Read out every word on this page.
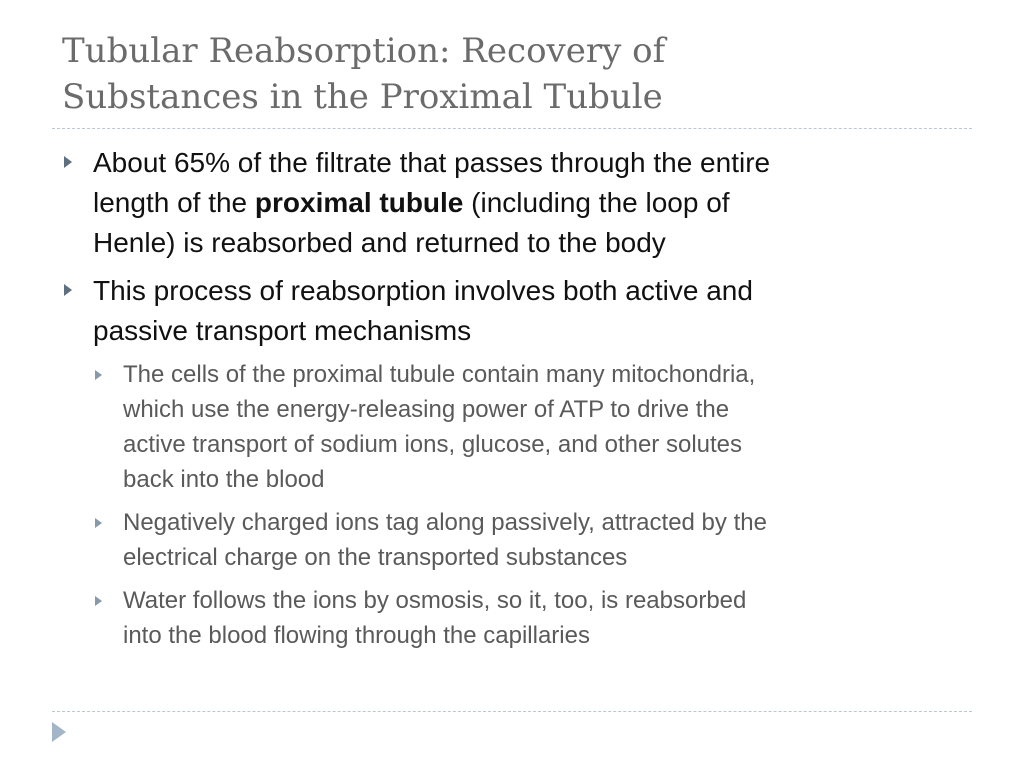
Tubular Reabsorption: Recovery of
Substances in the Proximal Tubule
About 65% of the filtrate that passes through the entire
length of the proximal tubule (including the loop of
Henle) is reabsorbed and returned to the body
This process of reabsorption involves both active and
passive transport mechanisms
The cells of the proximal tubule contain many mitochondria,
which use the energy-releasing power of ATP to drive the
active transport of sodium ions, glucose, and other solutes
back into the blood
Negatively charged ions tag along passively, attracted by the
electrical charge on the transported substances
Water follows the ions by osmosis, so it, too, is reabsorbed
into the blood flowing through the capillaries
